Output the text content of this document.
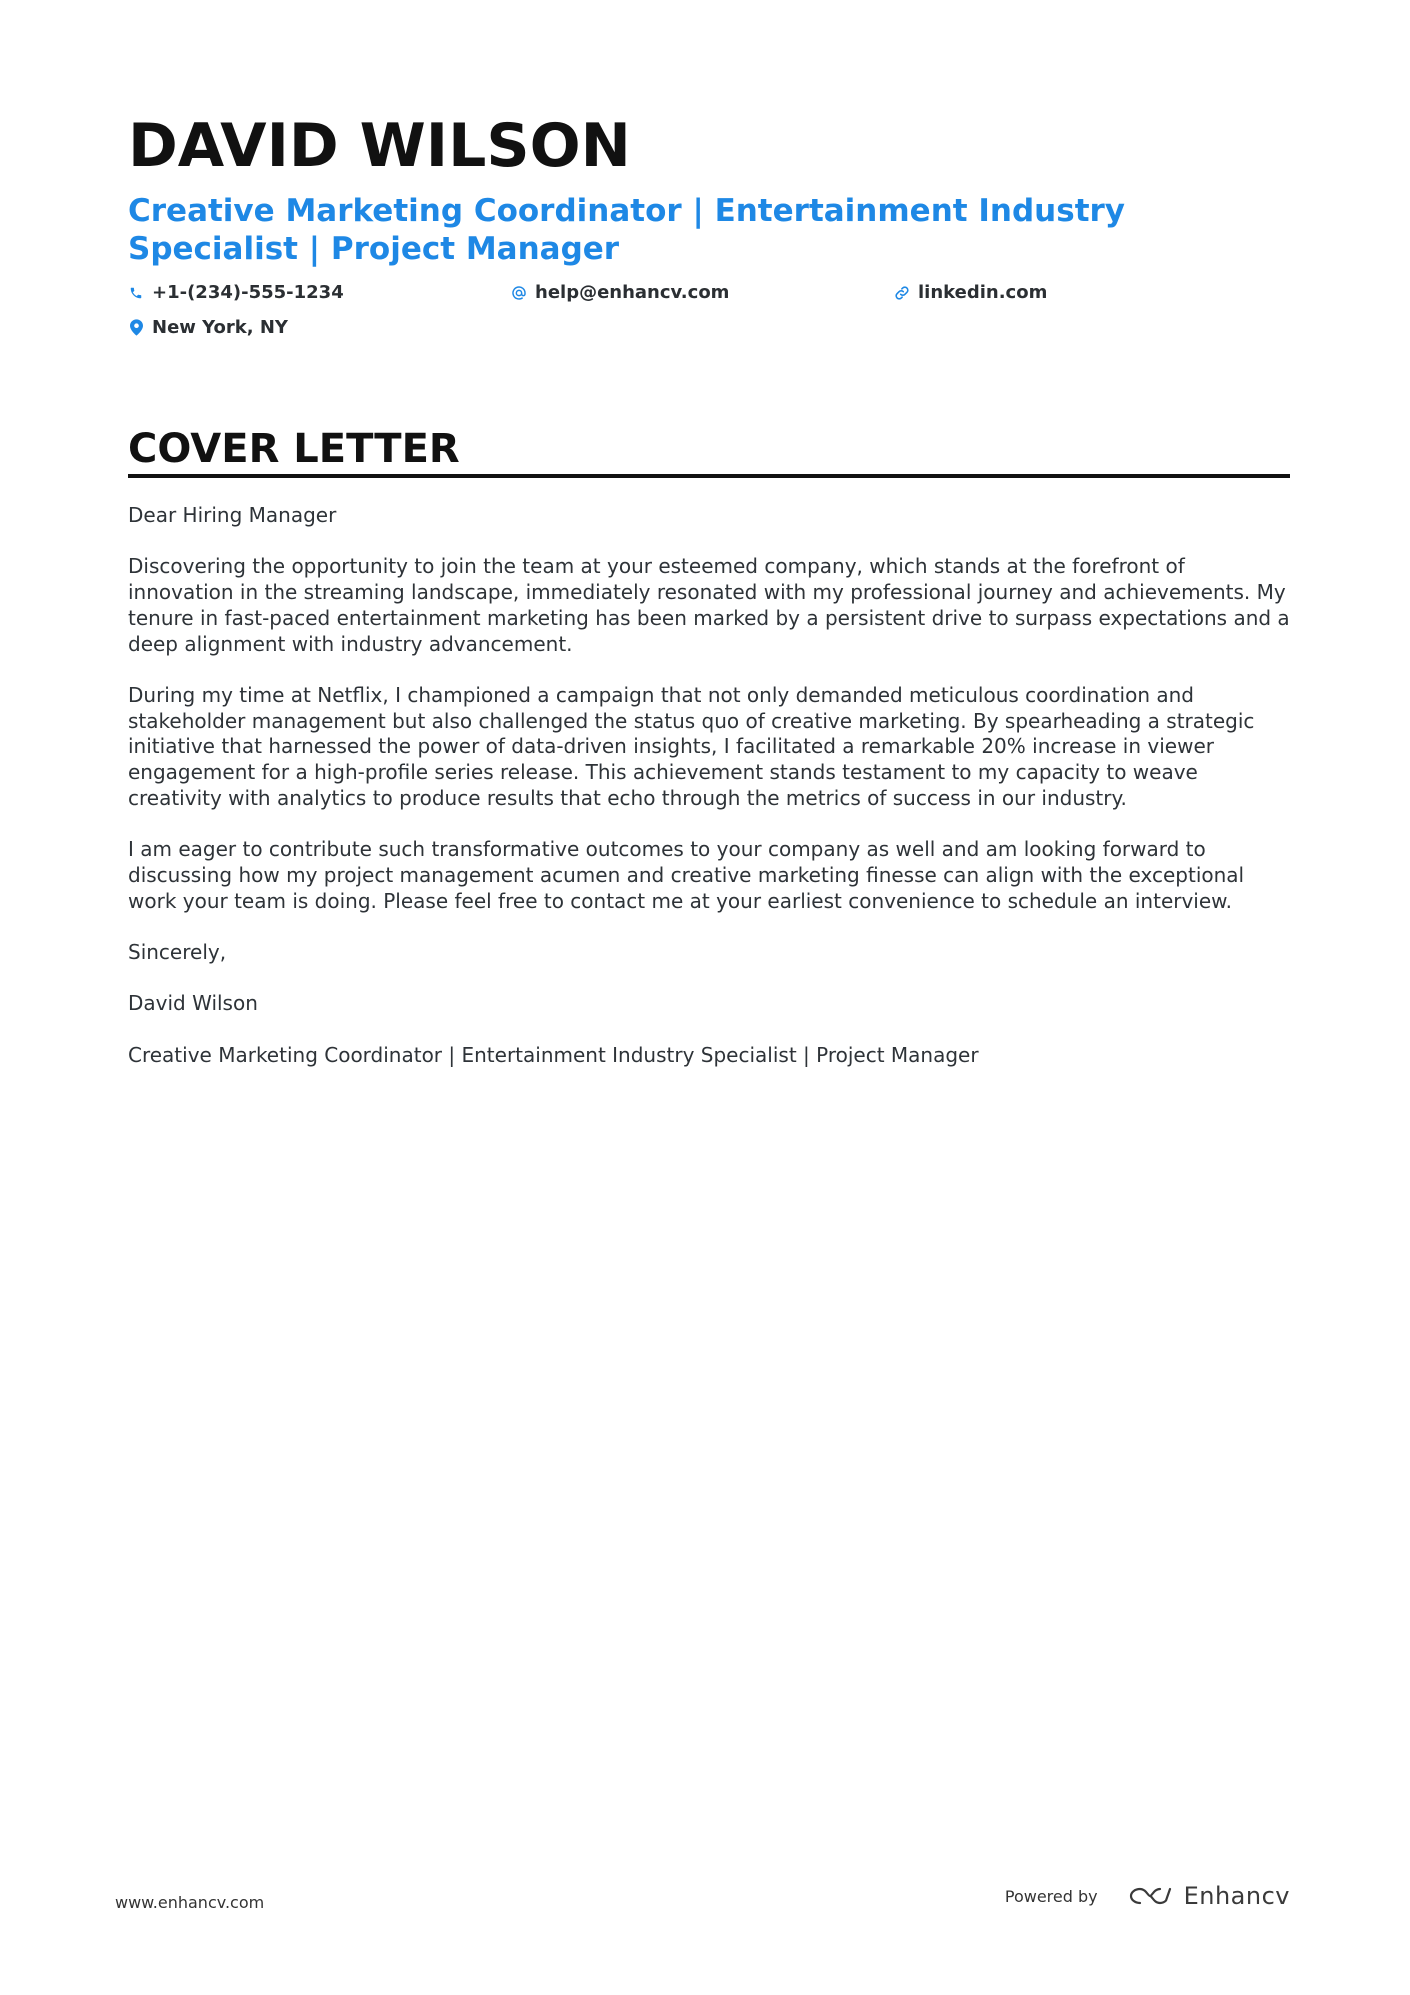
DAVID WILSON
Creative Marketing Coordinator | Entertainment Industry Specialist | Project Manager
+1-(234)-555-1234	help@enhancv.com	linkedin.com
New York, NY
COVER LETTER

Dear Hiring Manager

Discovering the opportunity to join the team at your esteemed company, which stands at the forefront of innovation in the streaming landscape, immediately resonated with my professional journey and achievements. My tenure in fast-paced entertainment marketing has been marked by a persistent drive to surpass expectations and a deep alignment with industry advancement.

During my time at Netflix, I championed a campaign that not only demanded meticulous coordination and stakeholder management but also challenged the status quo of creative marketing. By spearheading a strategic initiative that harnessed the power of data-driven insights, I facilitated a remarkable 20% increase in viewer engagement for a high-profile series release. This achievement stands testament to my capacity to weave creativity with analytics to produce results that echo through the metrics of success in our industry.

I am eager to contribute such transformative outcomes to your company as well and am looking forward to discussing how my project management acumen and creative marketing finesse can align with the exceptional work your team is doing. Please feel free to contact me at your earliest convenience to schedule an interview.

Sincerely,

David Wilson

Creative Marketing Coordinator | Entertainment Industry Specialist | Project Manager

www.enhancv.com	Powered by	Enhancv
